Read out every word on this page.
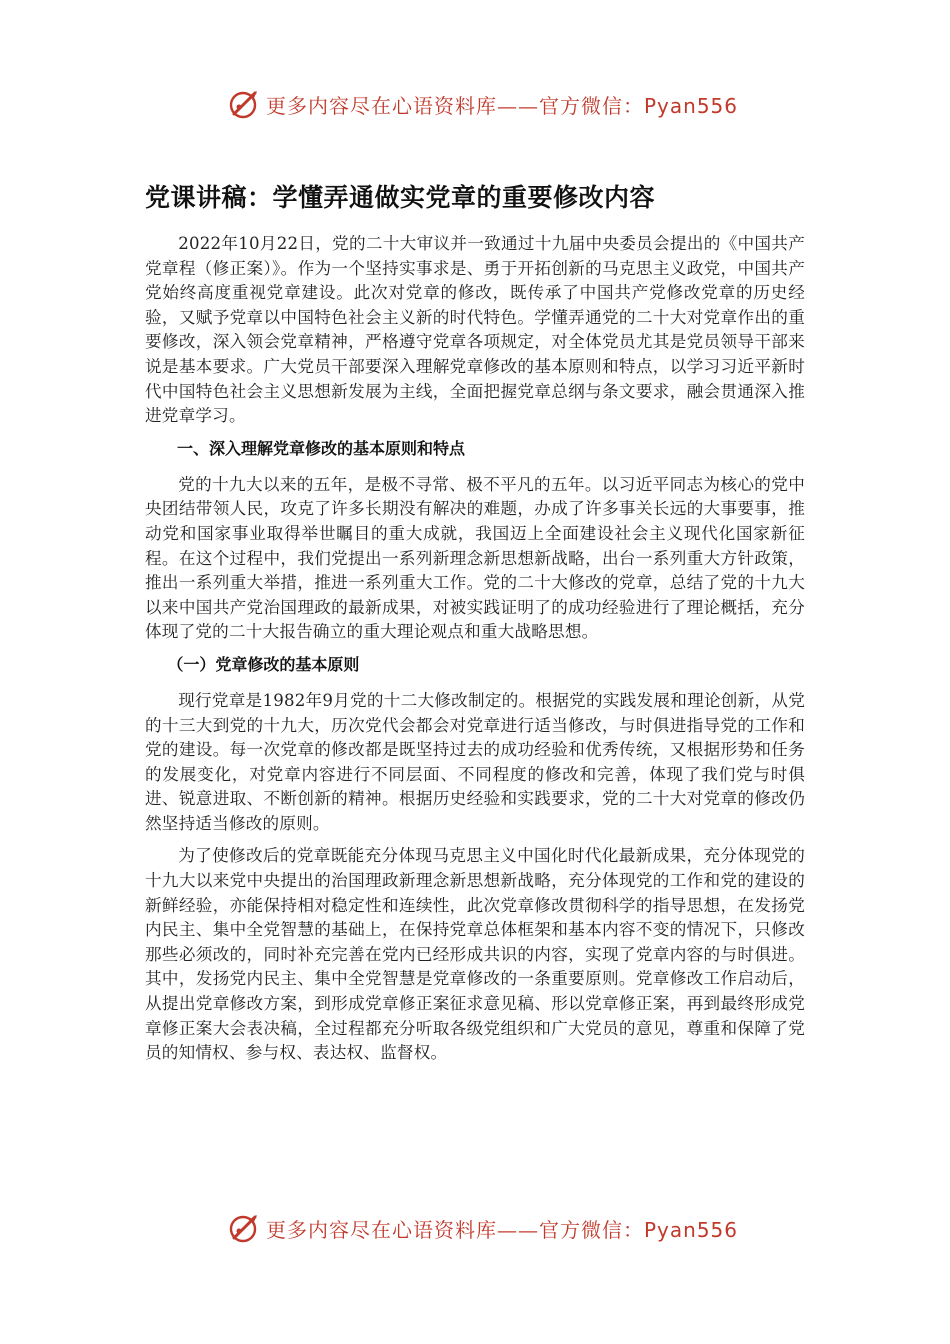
更多内容尽在心语资料库——官方微信：Pyan556
党课讲稿：学懂弄通做实党章的重要修改内容

2022年10月22日，党的二十大审议并一致通过十九届中央委员会提出的《中国共产党章程（修正案）》。作为一个坚持实事求是、勇于开拓创新的马克思主义政党，中国共产党始终高度重视党章建设。此次对党章的修改，既传承了中国共产党修改党章的历史经验，又赋予党章以中国特色社会主义新的时代特色。学懂弄通党的二十大对党章作出的重要修改，深入领会党章精神，严格遵守党章各项规定，对全体党员尤其是党员领导干部来说是基本要求。广大党员干部要深入理解党章修改的基本原则和特点，以学习习近平新时代中国特色社会主义思想新发展为主线，全面把握党章总纲与条文要求，融会贯通深入推进党章学习。

一、深入理解党章修改的基本原则和特点

党的十九大以来的五年，是极不寻常、极不平凡的五年。以习近平同志为核心的党中央团结带领人民，攻克了许多长期没有解决的难题，办成了许多事关长远的大事要事，推动党和国家事业取得举世瞩目的重大成就，我国迈上全面建设社会主义现代化国家新征程。在这个过程中，我们党提出一系列新理念新思想新战略，出台一系列重大方针政策，推出一系列重大举措，推进一系列重大工作。党的二十大修改的党章，总结了党的十九大以来中国共产党治国理政的最新成果，对被实践证明了的成功经验进行了理论概括，充分体现了党的二十大报告确立的重大理论观点和重大战略思想。

（一）党章修改的基本原则

现行党章是1982年9月党的十二大修改制定的。根据党的实践发展和理论创新，从党的十三大到党的十九大，历次党代会都会对党章进行适当修改，与时俱进指导党的工作和党的建设。每一次党章的修改都是既坚持过去的成功经验和优秀传统，又根据形势和任务的发展变化，对党章内容进行不同层面、不同程度的修改和完善，体现了我们党与时俱进、锐意进取、不断创新的精神。根据历史经验和实践要求，党的二十大对党章的修改仍然坚持适当修改的原则。

为了使修改后的党章既能充分体现马克思主义中国化时代化最新成果，充分体现党的十九大以来党中央提出的治国理政新理念新思想新战略，充分体现党的工作和党的建设的新鲜经验，亦能保持相对稳定性和连续性，此次党章修改贯彻科学的指导思想，在发扬党内民主、集中全党智慧的基础上，在保持党章总体框架和基本内容不变的情况下，只修改那些必须改的，同时补充完善在党内已经形成共识的内容，实现了党章内容的与时俱进。其中，发扬党内民主、集中全党智慧是党章修改的一条重要原则。党章修改工作启动后，从提出党章修改方案，到形成党章修正案征求意见稿、形以党章修正案，再到最终形成党章修正案大会表决稿，全过程都充分听取各级党组织和广大党员的意见，尊重和保障了党员的知情权、参与权、表达权、监督权。

更多内容尽在心语资料库——官方微信：Pyan556
